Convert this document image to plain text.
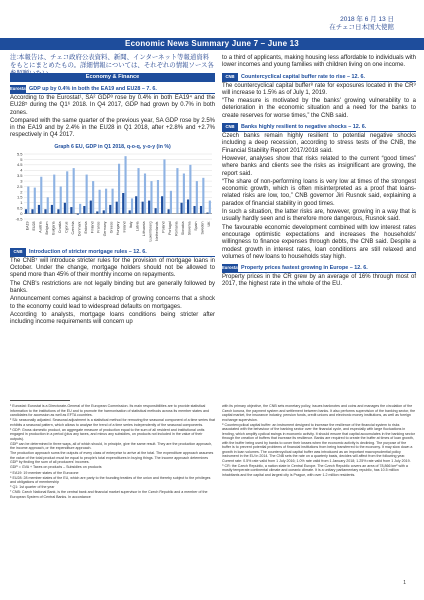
2018 年 6 月 13 日
在チェコ日本国大使館
Economic News Summary June 7 – June 13
注:本報告は、チェコ政府公表資料、新聞、インターネット等報道資料をもとにまとめたもの。詳細情報については、それぞれの情報ソース各
Economy & Finance
Eurostat GDP up by 0.4% in both the EA19 and EU28 – 7. 6.

According to the Eurostat¹, SA² GDP³ rose by 0.4% in both EA19⁴ and the EU28⁵ during the Q1⁶ 2018. In Q4 2017, GDP had grown by 0.7% in both zones.

Compared with the same quarter of the previous year, SA GDP rose by 2.5% in the EA19 and by 2.4% in the EU28 in Q1 2018, after +2.8% and +2.7% respectively in Q4 2017.

Graph 6 EU, GDP in Q1 2018, q-o-q, y-o-y (in %)
-0.5
0
0.5
1
1.5
2
2.5
3
3.5
4
4.5
5
5.5
EA19 EU28 Austria Belgium Bulgaria Croatia Cyprus Czechia Denmark Estonia Finland France Germany Greece Hungary Ireland Italy Latvia Lithuania Luxembourg Netherlands Poland Portugal Romania Slovakia Slovenia Spain Sweden UK
CNB	Introduction of stricter mortgage rules – 12. 6.

The CNB⁷ will introduce stricter rules for the provision of mortgage loans in October. Under the change, mortgage holders should not be allowed to spend more than 45% of their monthly income on repayments.

The CNB's restrictions are not legally binding but are generally followed by banks.

Announcement comes against a backdrop of growing concerns that a shock to the economy could lead to widespread defaults on mortgages.

According to analysts, mortgage loans conditions being stricter after including income requirements will concern up

to a third of applicants, making housing less affordable to individuals with lower incomes and young families with children living on one income.

CNB	Countercyclical capital buffer rate to rise – 12. 6.

The countercyclical capital buffer⁸ rate for exposures located in the CR⁹ will increase to 1.5% as of July 1, 2019.

“The measure is motivated by the banks' growing vulnerability to a deterioration in the economic situation and a need for the banks to create reserves for worse times,” the CNB said.

CNB	Banks highly resilient to negative shocks – 12. 6.

Czech banks remain highly resilient to potential negative shocks including a deep recession, according to stress tests of the CNB, the Financial Stability Report 2017/2018 said.

However, analyses show that risks related to the current “good times” where banks and clients see the risks as insignificant are growing, the report said.

“The share of non-performing loans is very low at times of the strongest economic growth, which is often misinterpreted as a proof that loans-related risks are low, too,” CNB governor Jiri Rusnok said, explaining a paradox of financial stability in good times.

In such a situation, the latter risks are, however, growing in a way that is usually hardly seen and is therefore more dangerous, Rusnok said.

The favourable economic development combined with low interest rates encourage optimistic expectations and increases the households' willingness to finance expenses through debts, the CNB said. Despite a modest growth in interest rates, loan conditions are still relaxed and volumes of new loans to households stay high.

Eurostat Property prices fastest growing in Europe – 12. 6.

Property prices in the CR grew by an average of 16% through most of 2017, the highest rate in the whole of the EU.

¹ Eurostat: Eurostat is a Directorate-General of the European Commission. Its main responsibilities are to provide statistical information to the institutions of the EU and to promote the harmonisation of statistical methods across its member states and candidates for accession as well as EFTA countries.

² SA: seasonally adjusted. Seasonal adjustment is a statistical method for removing the seasonal component of a time series that exhibits a seasonal pattern, which allows to analyse the trend of a time series independently of the seasonal components.

³ GDP: Gross domestic product, an aggregate measure of production equal to the sum of all resident and institutional units engaged in production in a period (plus any taxes, and minus any subsidies, on products not included in the value of their outputs).

GDP can be determined in three ways, all of which should, in principle, give the same result. They are the production approach, the income approach, or the expenditure approach.

The production approach sums the outputs of every class of enterprise to arrive at the total. The expenditure approach assumes the value of the total product must be equal to people's total expenditures in buying things. The income approach determines GDP by finding the sum of all producers' incomes.

GDP = GVA + Taxes on products – Subsidies on products

⁴ EA19: 19 member states of the Eurozone

⁵ EU28: 28 member states of the EU, which are party to the founding treaties of the union and thereby subject to the privileges and obligations of membership

⁶ Q1: 1st quarter of the year

⁷ CNB: Czech National Bank, is the central bank and financial market supervisor in the Czech Republic and a member of the European System of Central Banks. In accordance

with its primary objective, the CNB sets monetary policy, issues banknotes and coins and manages the circulation of the Czech koruna, the payment system and settlement between banks. It also performs supervision of the banking sector, the capital market, the insurance industry, pension funds, credit unions and electronic money institutions, as well as foreign exchange supervision.

⁸ Countercyclical capital buffer: an instrument designed to increase the resilience of the financial system to risks associated with the behaviour of the banking sector over the financial cycle, and especially with large fluctuations in lending, which amplify cyclical swings in economic activity. It should ensure that capital accumulates in the banking sector through the creation of buffers that increase its resilience. Banks are required to create the buffer at times of loan growth, with the buffer being used by banks to cover their losses when the economic activity is declining. The purpose of the buffer is to prevent potential problems of financial institutions from being transferred to the economy. It may slow down a growth in loan volumes. The countercyclical capital buffer was introduced as an important macroprudential policy instrument in the EU in 2014. The CNB sets the rate on a quarterly basis, decides will affect from the following year. Current rate: 0.5% rate valid from 1 July 2016; 1.0% rate valid from 1 January 2018; 1.25% rate valid from 1 July 2019.

⁹ CR: the Czech Republic, a nation state in Central Europe. The Czech Republic covers an area of 78,866 km² with a mostly temperate continental climate and oceanic climate. It is a unitary parliamentary republic, has 10.5 million inhabitants and the capital and largest city is Prague, with over 1.2 million residents.

1
